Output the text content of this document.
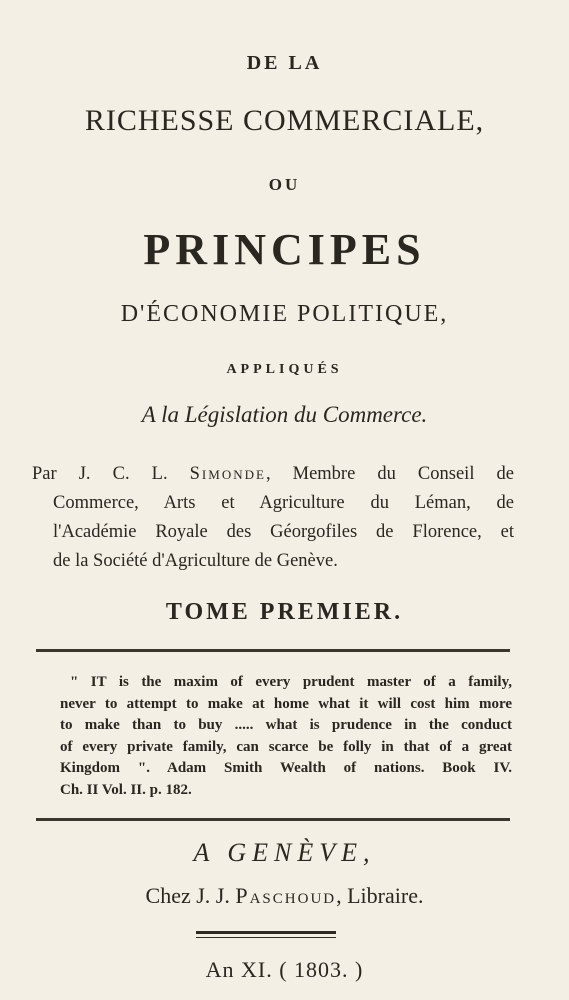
DE LA
RICHESSE COMMERCIALE,
OU
PRINCIPES
D'ÉCONOMIE POLITIQUE,
APPLIQUÉS
A la Législation du Commerce.
Par J. C. L. Simonde, Membre du Conseil de
Commerce, Arts et Agriculture du Léman, de
l'Académie Royale des Géorgofiles de Florence, et
de la Société d'Agriculture de Genève.
TOME PREMIER.
" IT is the maxim of every prudent master of a family,
never to attempt to make at home what it will cost him more
to make than to buy ..... what is prudence in the conduct
of every private family, can scarce be folly in that of a great
Kingdom ". Adam Smith Wealth of nations. Book IV.
Ch. II Vol. II. p. 182.
A GENÈVE,
Chez J. J. Paschoud, Libraire.
An XI. ( 1803. )
